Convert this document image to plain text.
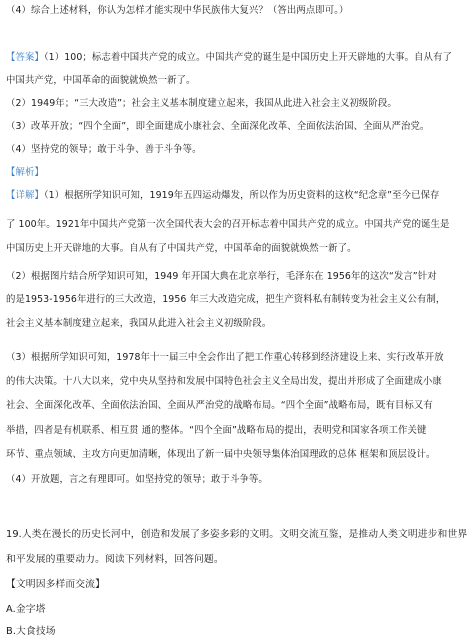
（4）综合上述材料，你认为怎样才能实现中华民族伟大复兴？（答出两点即可。）
【答案】（1）100；标志着中国共产党的成立。中国共产党的诞生是中国历史上开天辟地的大事。自从有了
中国共产党，中国革命的面貌就焕然一新了。
（2）1949年；“三大改造”；社会主义基本制度建立起来，我国从此进入社会主义初级阶段。
（3）改革开放；“四个全面”，即全面建成小康社会、全面深化改革、全面依法治国、全面从严治党。
（4）坚持党的领导；敢于斗争、善于斗争等。
【解析】
【详解】（1）根据所学知识可知，1919年五四运动爆发，所以作为历史资料的这枚“纪念章”至今已保存
了 100年。1921年中国共产党第一次全国代表大会的召开标志着中国共产党的成立。中国共产党的诞生是
中国历史上开天辟地的大事。自从有了中国共产党，中国革命的面貌就焕然一新了。
（2）根据图片结合所学知识可知，1949 年开国大典在北京举行，毛泽东在 1956年的这次“发言”针对
的是1953-1956年进行的三大改造，1956 年三大改造完成，把生产资料私有制转变为社会主义公有制，
社会主义基本制度建立起来，我国从此进入社会主义初级阶段。
（3）根据所学知识可知，1978年十一届三中全会作出了把工作重心转移到经济建设上来、实行改革开放
的伟大决策。十八大以来，党中央从坚持和发展中国特色社会主义全局出发，提出并形成了全面建成小康
社会、全面深化改革、全面依法治国、全面从严治党的战略布局。“四个全面”战略布局，既有目标又有
举措，四者是有机联系、相互贯 通的整体。“四个全面”战略布局的提出，表明党和国家各项工作关键
环节、重点领域、主攻方向更加清晰，体现出了新一届中央领导集体治国理政的总体 框架和顶层设计。
（4）开放题，言之有理即可。如坚持党的领导；敢于斗争等。
19.人类在漫长的历史长河中，创造和发展了多姿多彩的文明。文明交流互鉴，是推动人类文明进步和世界
和平发展的重要动力。阅读下列材料，回答问题。
【文明因多样而交流】
A.金字塔
B.大食技场
